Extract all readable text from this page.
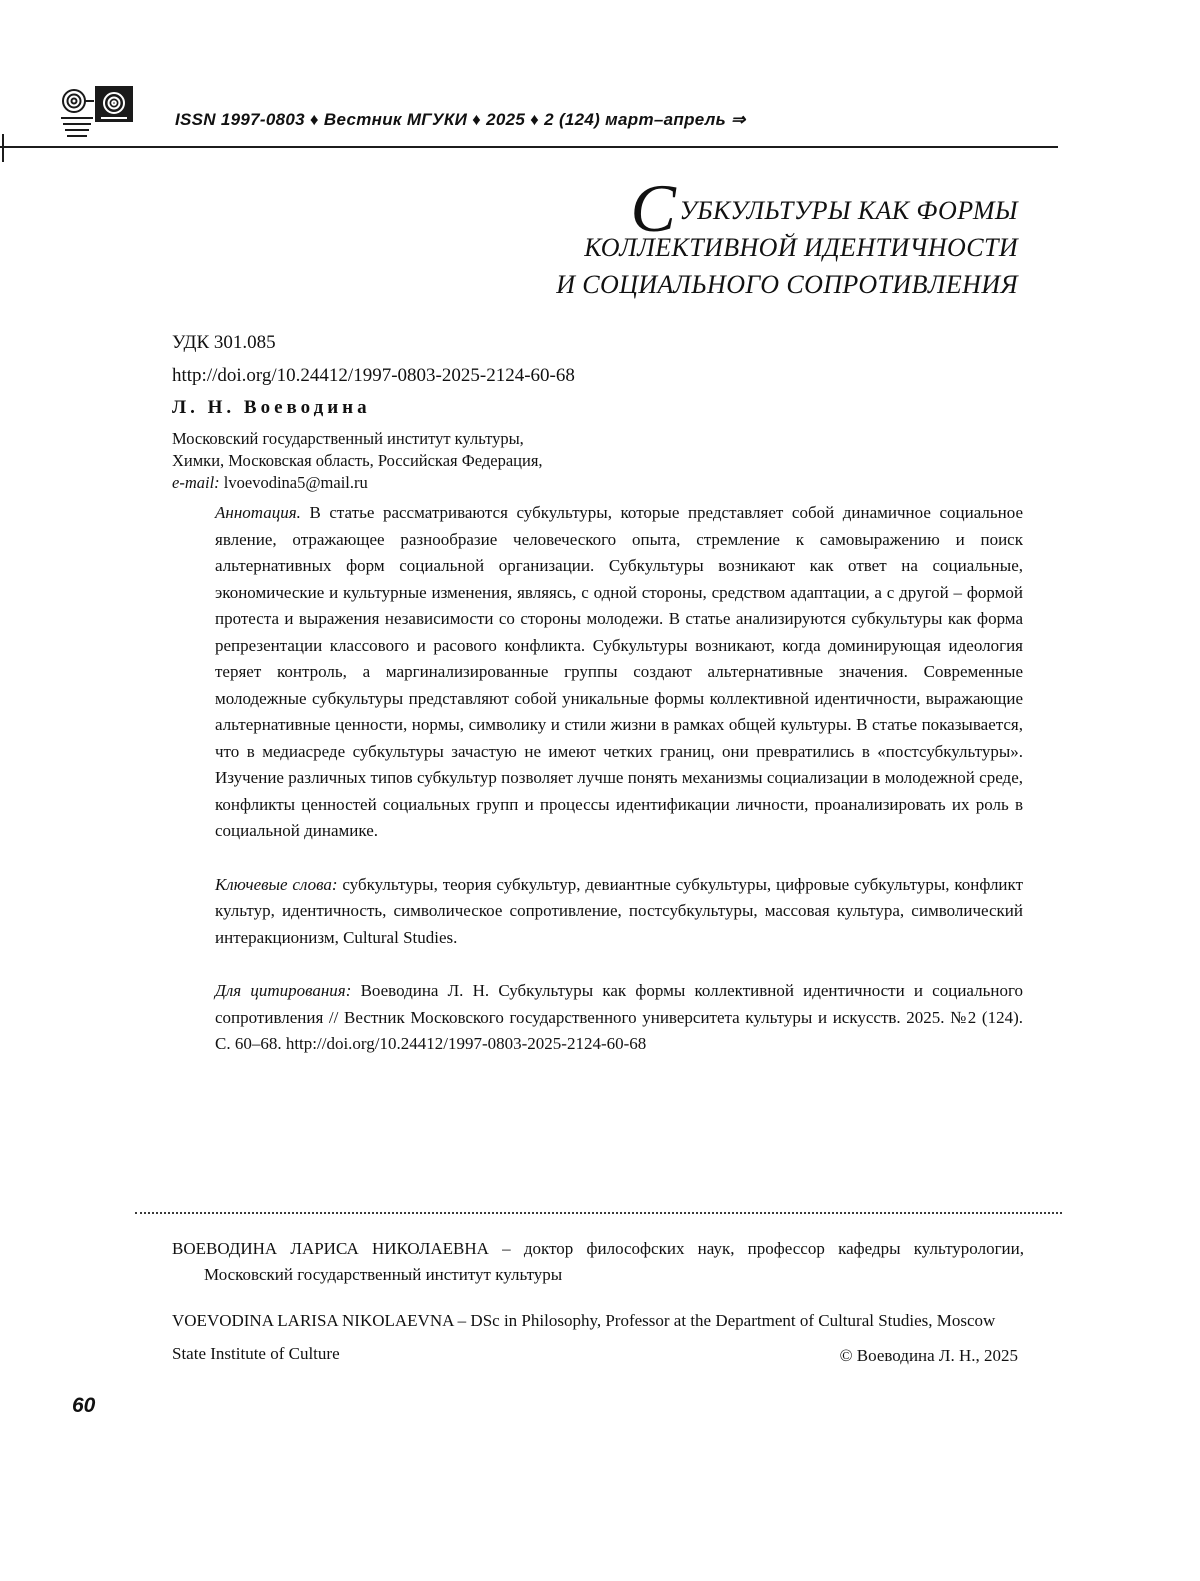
ISSN 1997-0803 ♦ Вестник МГУКИ ♦ 2025 ♦ 2 (124) март–апрель ⇒
СУБКУЛЬТУРЫ КАК ФОРМЫ
КОЛЛЕКТИВНОЙ ИДЕНТИЧНОСТИ
И СОЦИАЛЬНОГО СОПРОТИВЛЕНИЯ
УДК 301.085
http://doi.org/10.24412/1997-0803-2025-2124-60-68
Л. Н. Воеводина
Московский государственный институт культуры,
Химки, Московская область, Российская Федерация,
e-mail: lvoevodina5@mail.ru

Аннотация. В статье рассматриваются субкультуры, которые представляет собой динамичное социальное явление, отражающее разнообразие человеческого опыта, стремление к самовыражению и поиск альтернативных форм социальной организации. Субкультуры возникают как ответ на социальные, экономические и культурные изменения, являясь, с одной стороны, средством адаптации, а с другой – формой протеста и выражения независимости со стороны молодежи. В статье анализируются субкультуры как форма репрезентации классового и расового конфликта. Субкультуры возникают, когда доминирующая идеология теряет контроль, а маргинализированные группы создают альтернативные значения. Современные молодежные субкультуры представляют собой уникальные формы коллективной идентичности, выражающие альтернативные ценности, нормы, символику и стили жизни в рамках общей культуры. В статье показывается, что в медиасреде субкультуры зачастую не имеют четких границ, они превратились в «постсубкультуры». Изучение различных типов субкультур позволяет лучше понять механизмы социализации в молодежной среде, конфликты ценностей социальных групп и процессы идентификации личности, проанализировать их роль в социальной динамике.

Ключевые слова: субкультуры, теория субкультур, девиантные субкультуры, цифровые субкультуры, конфликт культур, идентичность, символическое сопротивление, постсубкультуры, массовая культура, символический интеракционизм, Cultural Studies.

Для цитирования: Воеводина Л. Н. Субкультуры как формы коллективной идентичности и социального сопротивления // Вестник Московского государственного университета культуры и искусств. 2025. №2 (124). С. 60–68. http://doi.org/10.24412/1997-0803-2025-2124-60-68

ВОЕВОДИНА ЛАРИСА НИКОЛАЕВНА – доктор философских наук, профессор кафедры культурологии, Московский государственный институт культуры

VOEVODINA LARISA NIKOLAEVNA – DSc in Philosophy, Professor at the Department of Cultural Studies, Moscow State Institute of Culture	© Воеводина Л. Н., 2025
60
